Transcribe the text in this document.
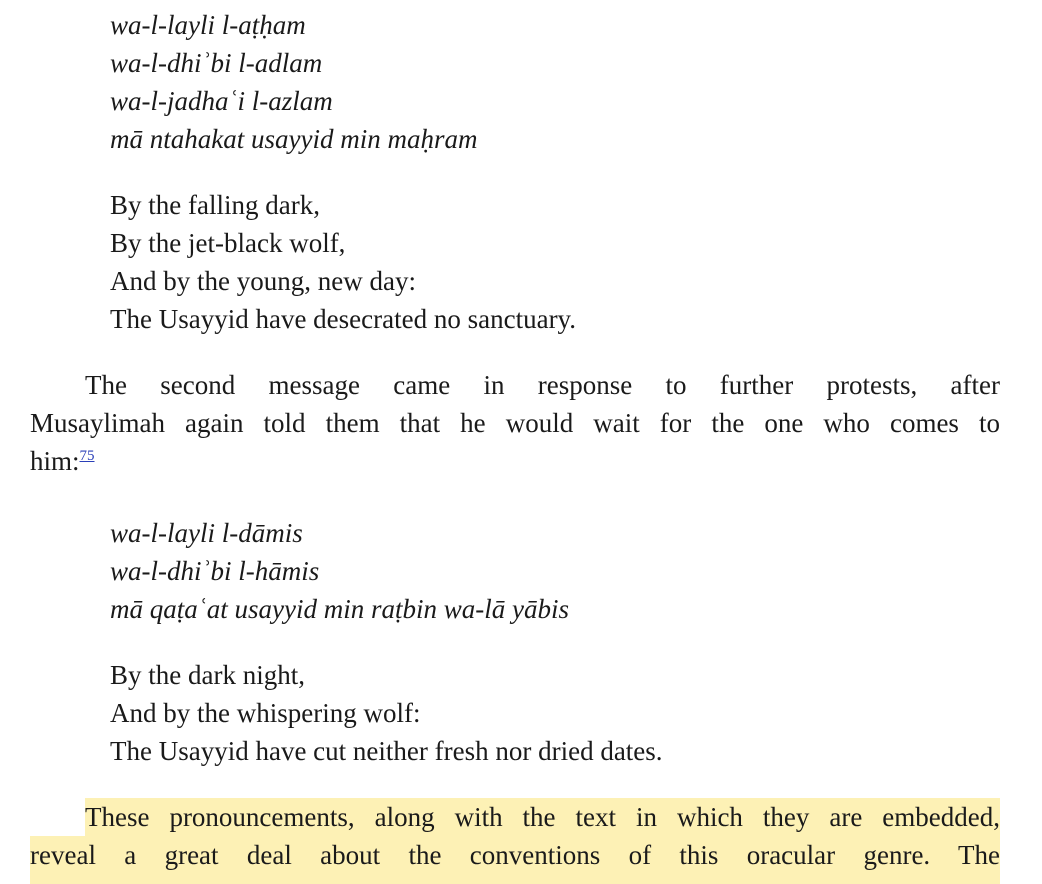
wa-l-layli l-aṭḥam
wa-l-dhiʾbi l-adlam
wa-l-jadhaʿi l-azlam
mā ntahakat usayyid min maḥram
By the falling dark,
By the jet-black wolf,
And by the young, new day:
The Usayyid have desecrated no sanctuary.
The second message came in response to further protests, after
Musaylimah again told them that he would wait for the one who comes to
him:$^{75}$
wa-l-layli l-dāmis
wa-l-dhiʾbi l-hāmis
mā qaṭaʿat usayyid min raṭbin wa-lā yābis
By the dark night,
And by the whispering wolf:
The Usayyid have cut neither fresh nor dried dates.
These pronouncements, along with the text in which they are embedded,
reveal a great deal about the conventions of this oracular genre. The
